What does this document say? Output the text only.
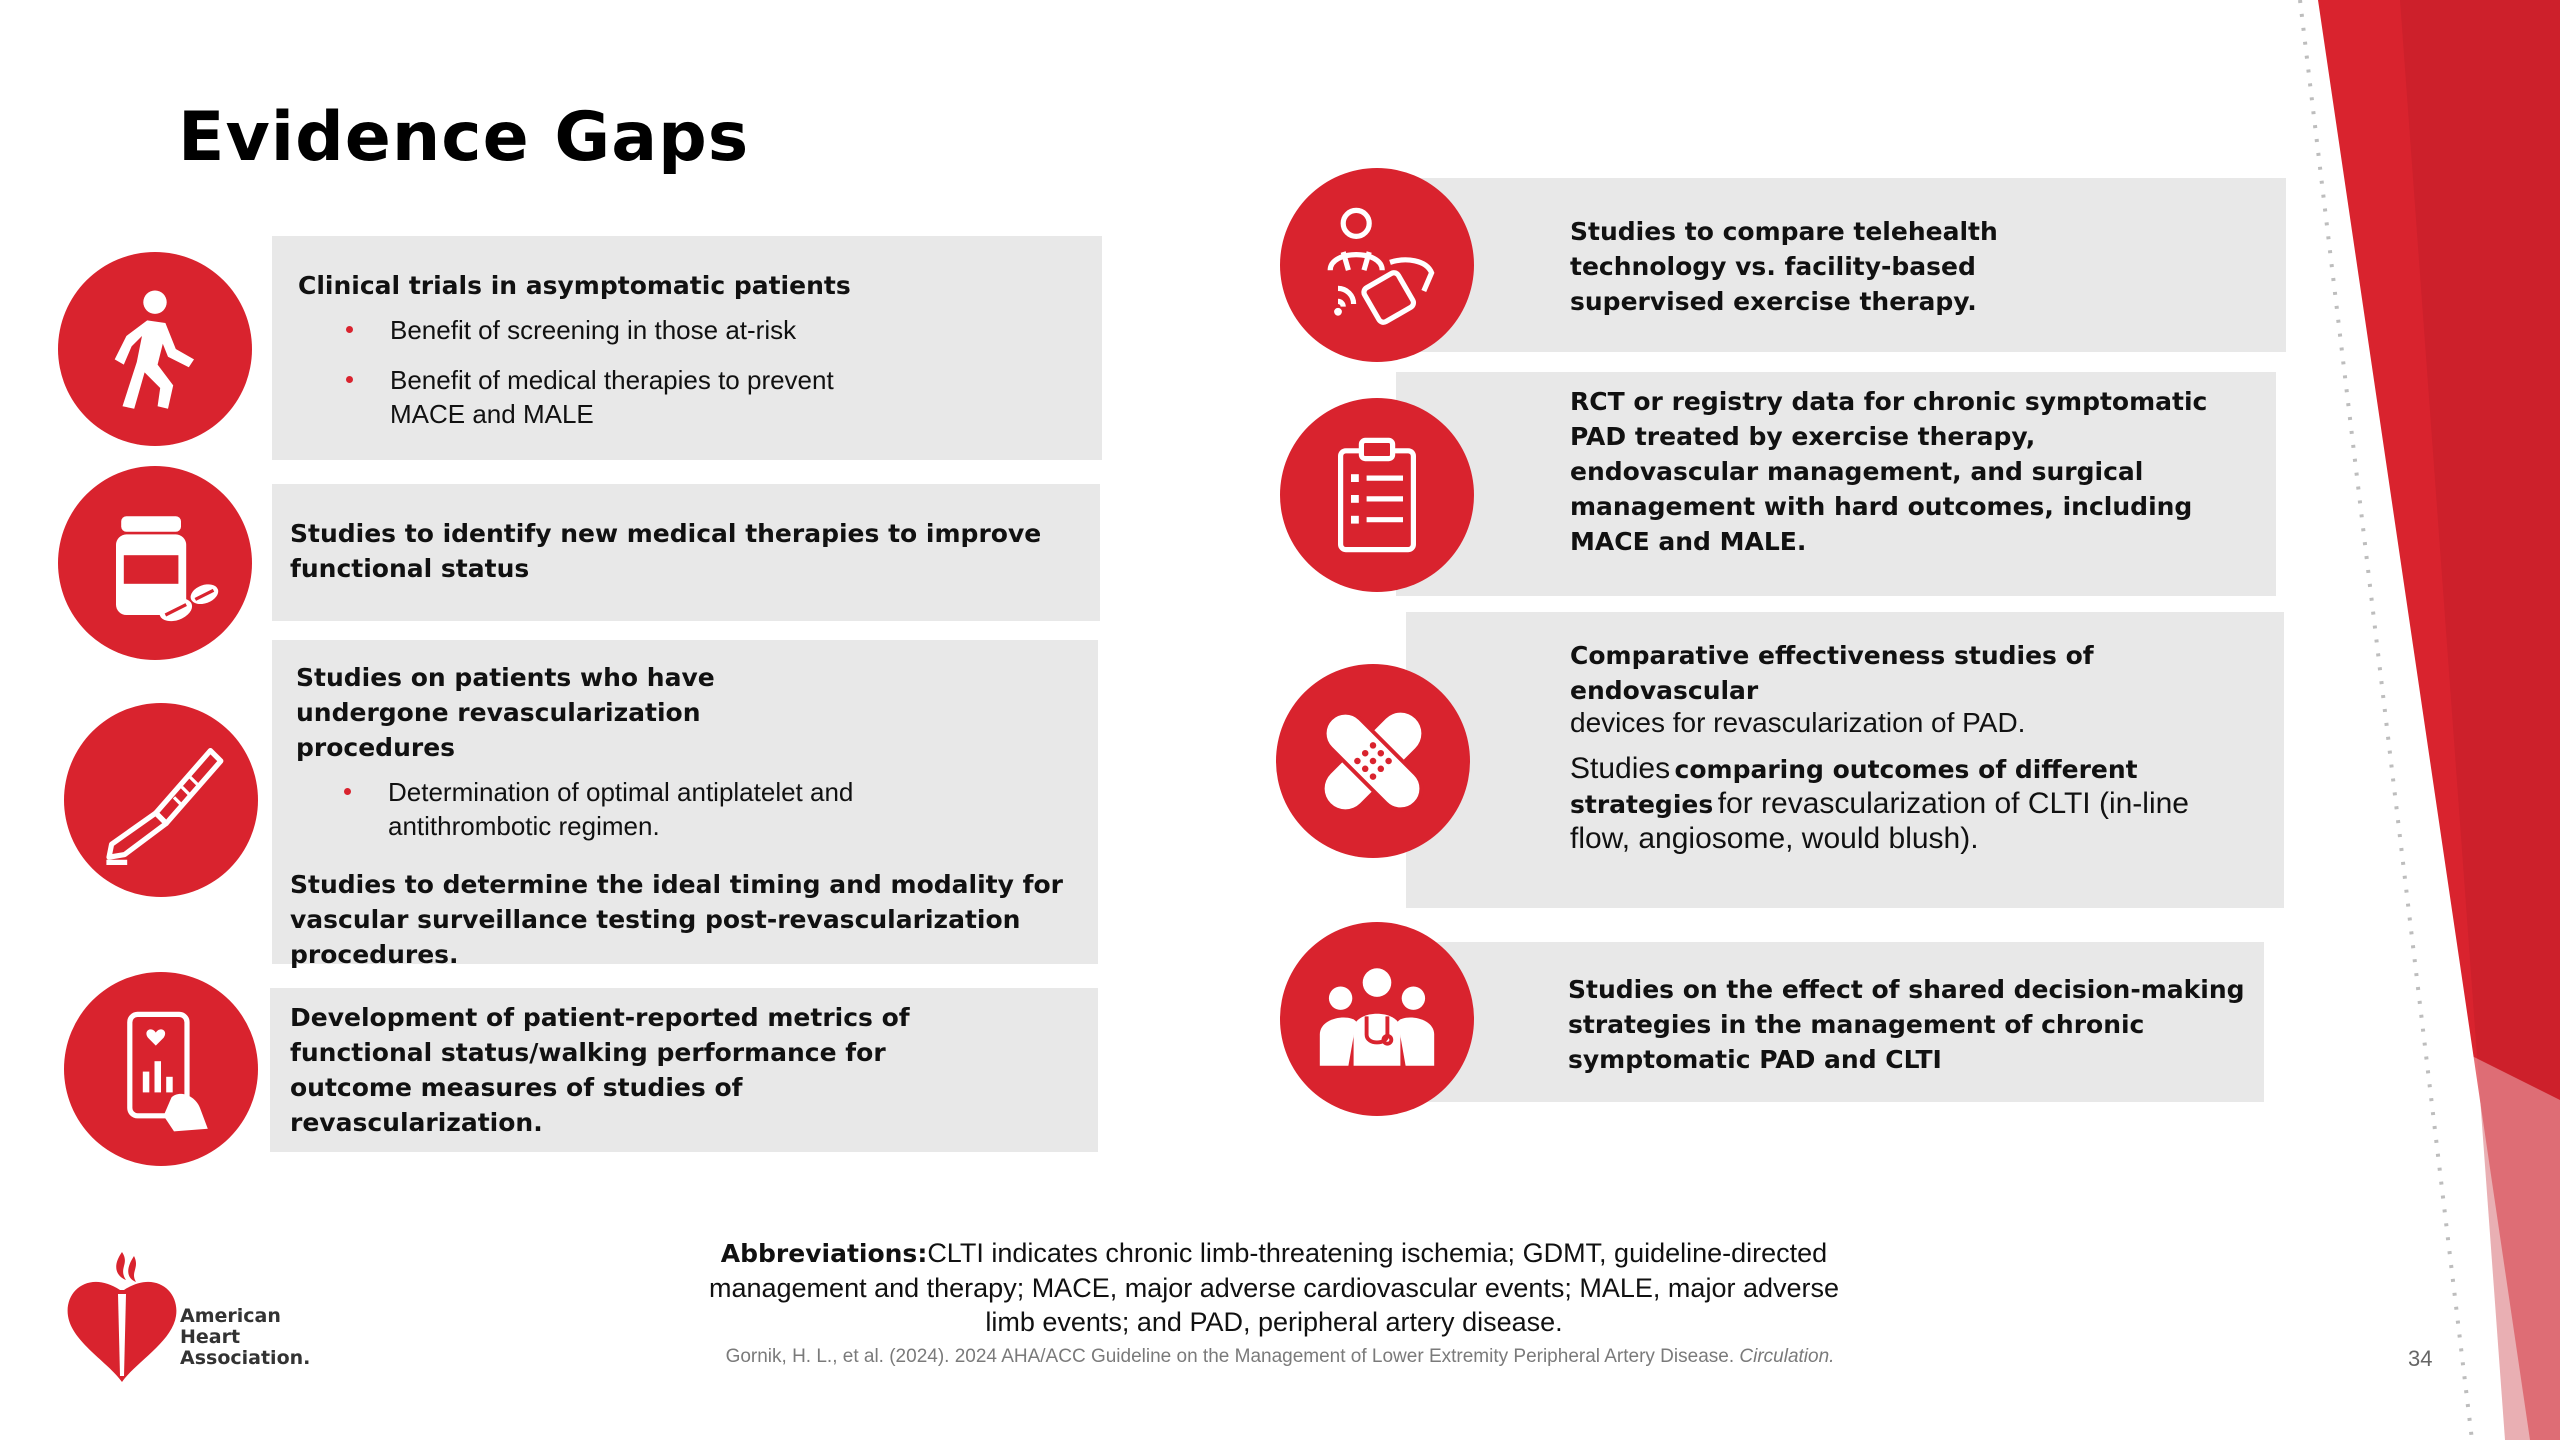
Evidence Gaps

Clinical trials in asymptomatic patients

Benefit of screening in those at-risk
Benefit of medical therapies to prevent MACE and MALE

Studies to identify new medical therapies to improve functional status

Studies on patients who have undergone revascularization procedures

Determination of optimal antiplatelet and antithrombotic regimen.

Studies to determine the ideal timing and modality for vascular surveillance testing post-revascularization procedures.

Development of patient-reported metrics of functional status/walking performance for outcome measures of studies of revascularization.

Studies to compare telehealth technology vs. facility-based supervised exercise therapy.

RCT or registry data for chronic symptomatic PAD treated by exercise therapy, endovascular management, and surgical management with hard outcomes, including MACE and MALE.

Comparative effectiveness studies of endovascular

devices for revascularization of PAD.

Studies comparing outcomes of different strategies for revascularization of CLTI (in-line flow, angiosome, would blush).

Studies on the effect of shared decision-making strategies in the management of chronic symptomatic PAD and CLTI

Abbreviations:CLTI indicates chronic limb-threatening ischemia; GDMT, guideline-directed management and therapy; MACE, major adverse cardiovascular events; MALE, major adverse limb events; and PAD, peripheral artery disease.
Gornik, H. L., et al. (2024). 2024 AHA/ACC Guideline on the Management of Lower Extremity Peripheral Artery Disease. Circulation.	34
American
Heart
Association.
